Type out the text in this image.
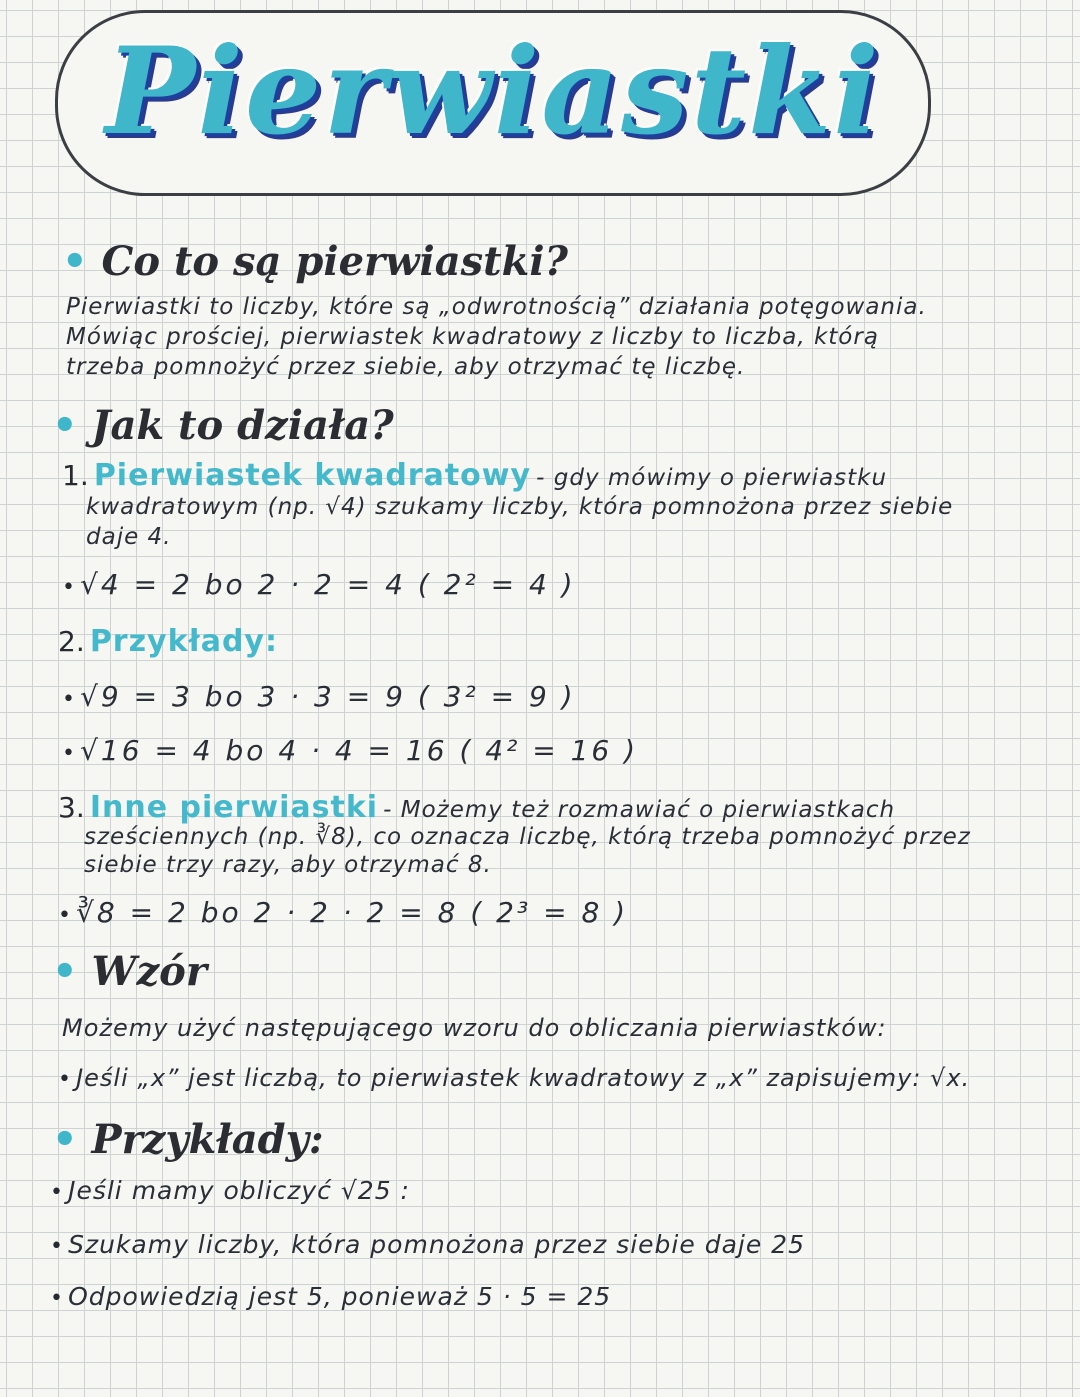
Pierwiastki
• Co to są pierwiastki?
Pierwiastki to liczby, które są „odwrotnością” działania potęgowania.
Mówiąc prościej, pierwiastek kwadratowy z liczby to liczba, którą
trzeba pomnożyć przez siebie, aby otrzymać tę liczbę.
• Jak to działa?
1. Pierwiastek kwadratowy - gdy mówimy o pierwiastku
kwadratowym (np. √4) szukamy liczby, która pomnożona przez siebie
daje 4.
• √4 = 2 bo 2 · 2 = 4 ( 2² = 4 )
2. Przykłady:
• √9 = 3 bo 3 · 3 = 9 ( 3² = 9 )
• √16 = 4 bo 4 · 4 = 16 ( 4² = 16 )
3. Inne pierwiastki - Możemy też rozmawiać o pierwiastkach
sześciennych (np. ∛8), co oznacza liczbę, którą trzeba pomnożyć przez
siebie trzy razy, aby otrzymać 8.
• ∛8 = 2 bo 2 · 2 · 2 = 8 ( 2³ = 8 )
• Wzór
Możemy użyć następującego wzoru do obliczania pierwiastków:
• Jeśli „x” jest liczbą, to pierwiastek kwadratowy z „x” zapisujemy: √x.
• Przykłady:
• Jeśli mamy obliczyć √25 :
• Szukamy liczby, która pomnożona przez siebie daje 25
• Odpowiedzią jest 5, ponieważ 5 · 5 = 25
